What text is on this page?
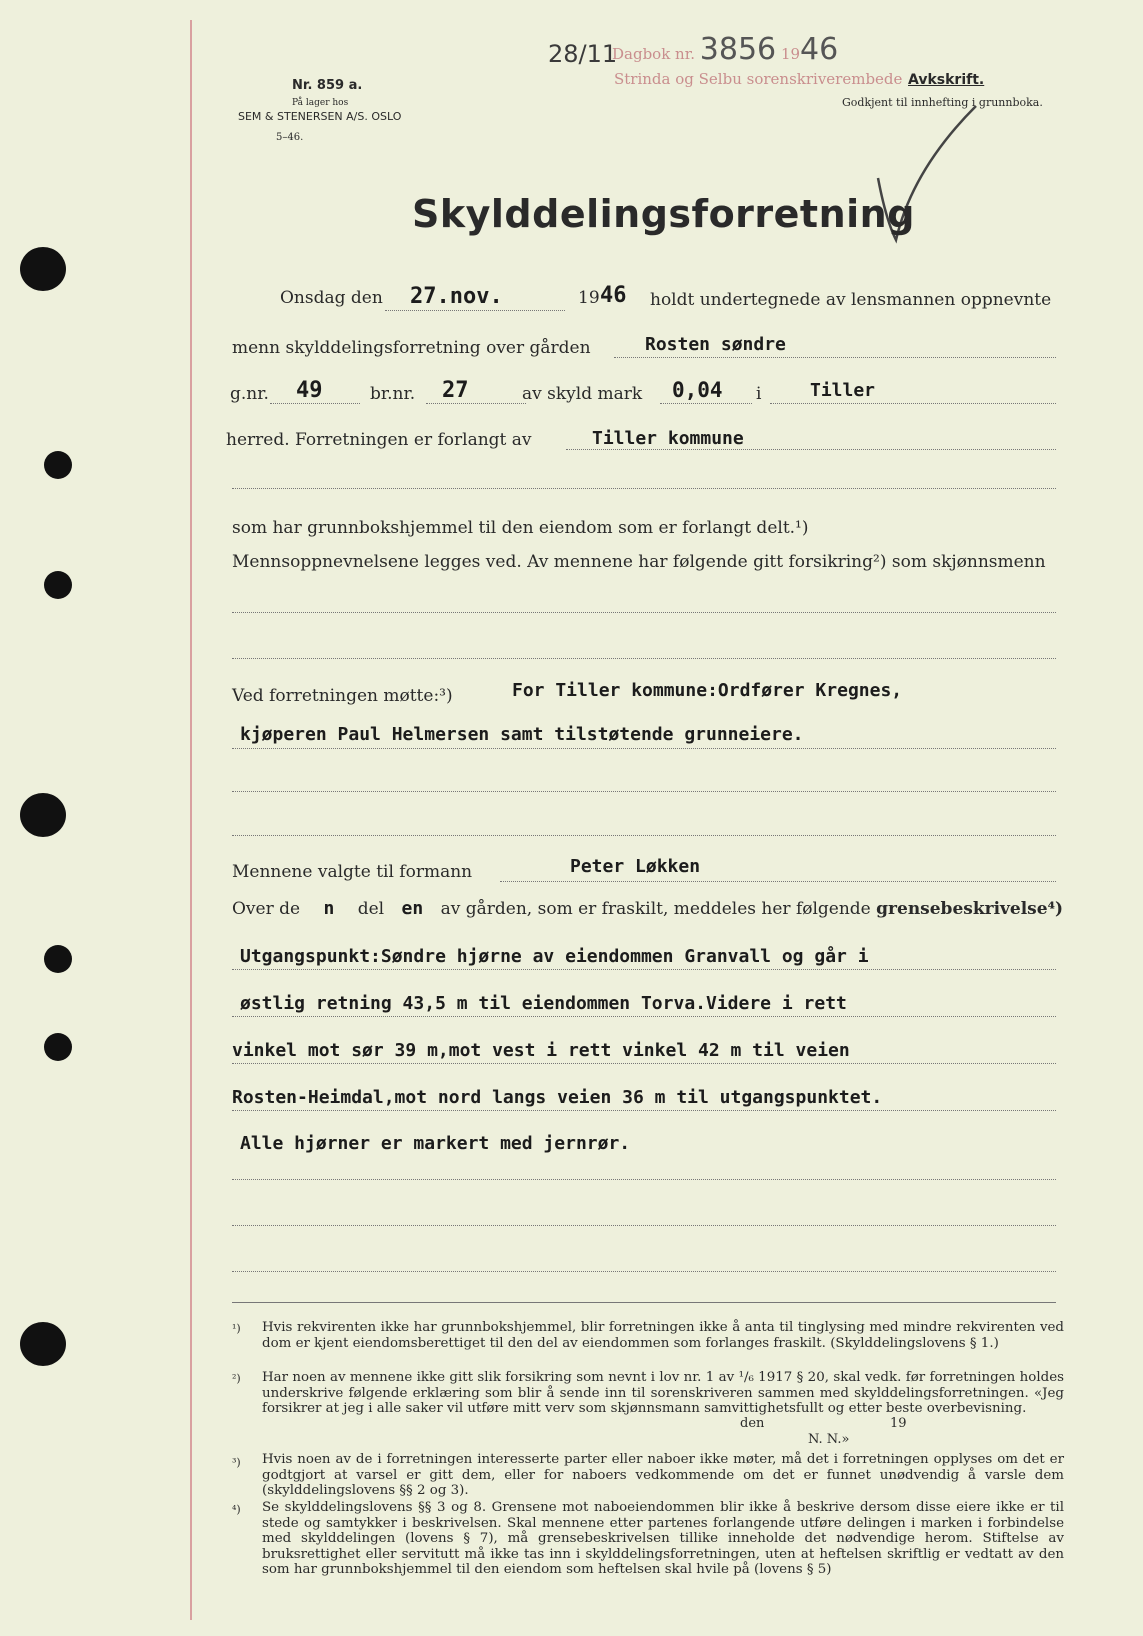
Nr. 859 a.
På lager hos
SEM & STENERSEN A/S. OSLO
5–46.
28/11
Dagbok nr. 3856 1946
Strinda og Selbu sorenskriverembede Avkskrift.
Godkjent til innhefting i grunnboka.
Skylddelingsforretning
Onsdag den 27.nov.	19 46 holdt undertegnede av lensmannen oppnevnte
menn skylddelingsforretning over gården	Rosten søndre
g.nr. 49	br.nr. 27	av skyld mark 0,04 i	Tiller
herred. Forretningen er forlangt av	Tiller kommune
som har grunnbokshjemmel til den eiendom som er forlangt delt.¹)
Mennsoppnevnelsene legges ved. Av mennene har følgende gitt forsikring²) som skjønnsmenn
Ved forretningen møtte:³)	For Tiller kommune:Ordfører Kregnes,
kjøperen Paul Helmersen samt tilstøtende grunneiere.
Mennene valgte til formann	Peter Løkken
Over de n del en av gården, som er fraskilt, meddeles her følgende grensebeskrivelse⁴)
Utgangspunkt:Søndre hjørne av eiendommen Granvall og går i
østlig retning 43,5 m til eiendommen Torva.Videre i rett
vinkel mot sør 39 m,mot vest i rett vinkel 42 m til veien
Rosten-Heimdal,mot nord langs veien 36 m til utgangspunktet.
Alle hjørner er markert med jernrør.
¹) Hvis rekvirenten ikke har grunnbokshjemmel, blir forretningen ikke å anta til tinglysing med mindre rekvirenten ved dom er kjent eiendomsberettiget til den del av eiendommen som forlanges fraskilt. (Skylddelingslovens § 1.)
²) Har noen av mennene ikke gitt slik forsikring som nevnt i lov nr. 1 av ¹/₆ 1917 § 20, skal vedk. før forretningen holdes underskrive følgende erklæring som blir å sende inn til sorenskriveren sammen med skylddelingsforretningen. «Jeg forsikrer at jeg i alle saker vil utføre mitt verv som skjønnsmann samvittighetsfullt og etter beste overbevisning.
den	19
N. N.»
³) Hvis noen av de i forretningen interesserte parter eller naboer ikke møter, må det i forretningen opplyses om det er godtgjort at varsel er gitt dem, eller for naboers vedkommende om det er funnet unødvendig å varsle dem (skylddelingslovens §§ 2 og 3).
⁴) Se skylddelingslovens §§ 3 og 8. Grensene mot naboeiendommen blir ikke å beskrive dersom disse eiere ikke er til stede og samtykker i beskrivelsen. Skal mennene etter partenes forlangende utføre delingen i marken i forbindelse med skylddelingen (lovens § 7), må grensebeskrivelsen tillike inneholde det nødvendige herom. Stiftelse av bruksrettighet eller servitutt må ikke tas inn i skylddelingsforretningen, uten at heftelsen skriftlig er vedtatt av den som har grunnbokshjemmel til den eiendom som heftelsen skal hvile på (lovens § 5)
